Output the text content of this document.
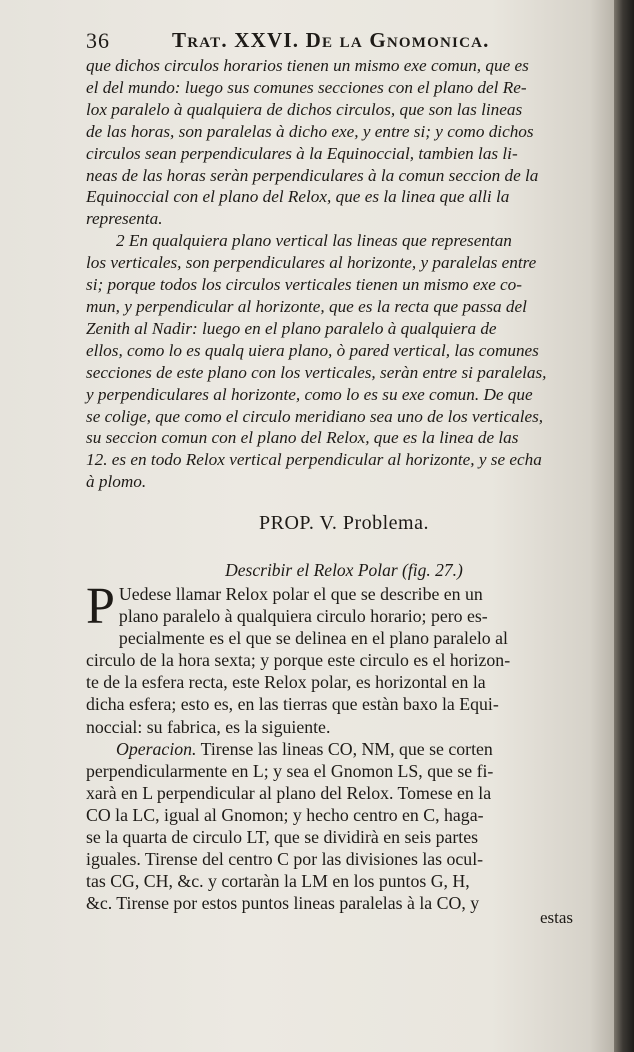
36	Trat. XXVI. De la Gnomonica.
que dichos circulos horarios tienen un mismo exe comun, que es
el del mundo: luego sus comunes secciones con el plano del Re-
lox paralelo à qualquiera de dichos circulos, que son las lineas
de las horas, son paralelas à dicho exe, y entre si; y como dichos
circulos sean perpendiculares à la Equinoccial, tambien las li-
neas de las horas seràn perpendiculares à la comun seccion de la
Equinoccial con el plano del Relox, que es la linea que alli la
representa.
2 En qualquiera plano vertical las lineas que representan
los verticales, son perpendiculares al horizonte, y paralelas entre
si; porque todos los circulos verticales tienen un mismo exe co-
mun, y perpendicular al horizonte, que es la recta que passa del
Zenith al Nadir: luego en el plano paralelo à qualquiera de
ellos, como lo es qualq uiera plano, ò pared vertical, las comunes
secciones de este plano con los verticales, seràn entre si paralelas,
y perpendiculares al horizonte, como lo es su exe comun. De que
se colige, que como el circulo meridiano sea uno de los verticales,
su seccion comun con el plano del Relox, que es la linea de las
12. es en todo Relox vertical perpendicular al horizonte, y se echa
à plomo.
PROP. V. Problema.
Describir el Relox Polar (fig. 27.)
P Uedese llamar Relox polar el que se describe en un
plano paralelo à qualquiera circulo horario; pero es-
pecialmente es el que se delinea en el plano paralelo al
circulo de la hora sexta; y porque este circulo es el horizon-
te de la esfera recta, este Relox polar, es horizontal en la
dicha esfera; esto es, en las tierras que estàn baxo la Equi-
noccial: su fabrica, es la siguiente.
Operacion. Tirense las lineas CO, NM, que se corten
perpendicularmente en L; y sea el Gnomon LS, que se fi-
xarà en L perpendicular al plano del Relox. Tomese en la
CO la LC, igual al Gnomon; y hecho centro en C, haga-
se la quarta de circulo LT, que se dividirà en seis partes
iguales. Tirense del centro C por las divisiones las ocul-
tas CG, CH, &c. y cortaràn la LM en los puntos G, H,
&c. Tirense por estos puntos lineas paralelas à la CO, y
estas
